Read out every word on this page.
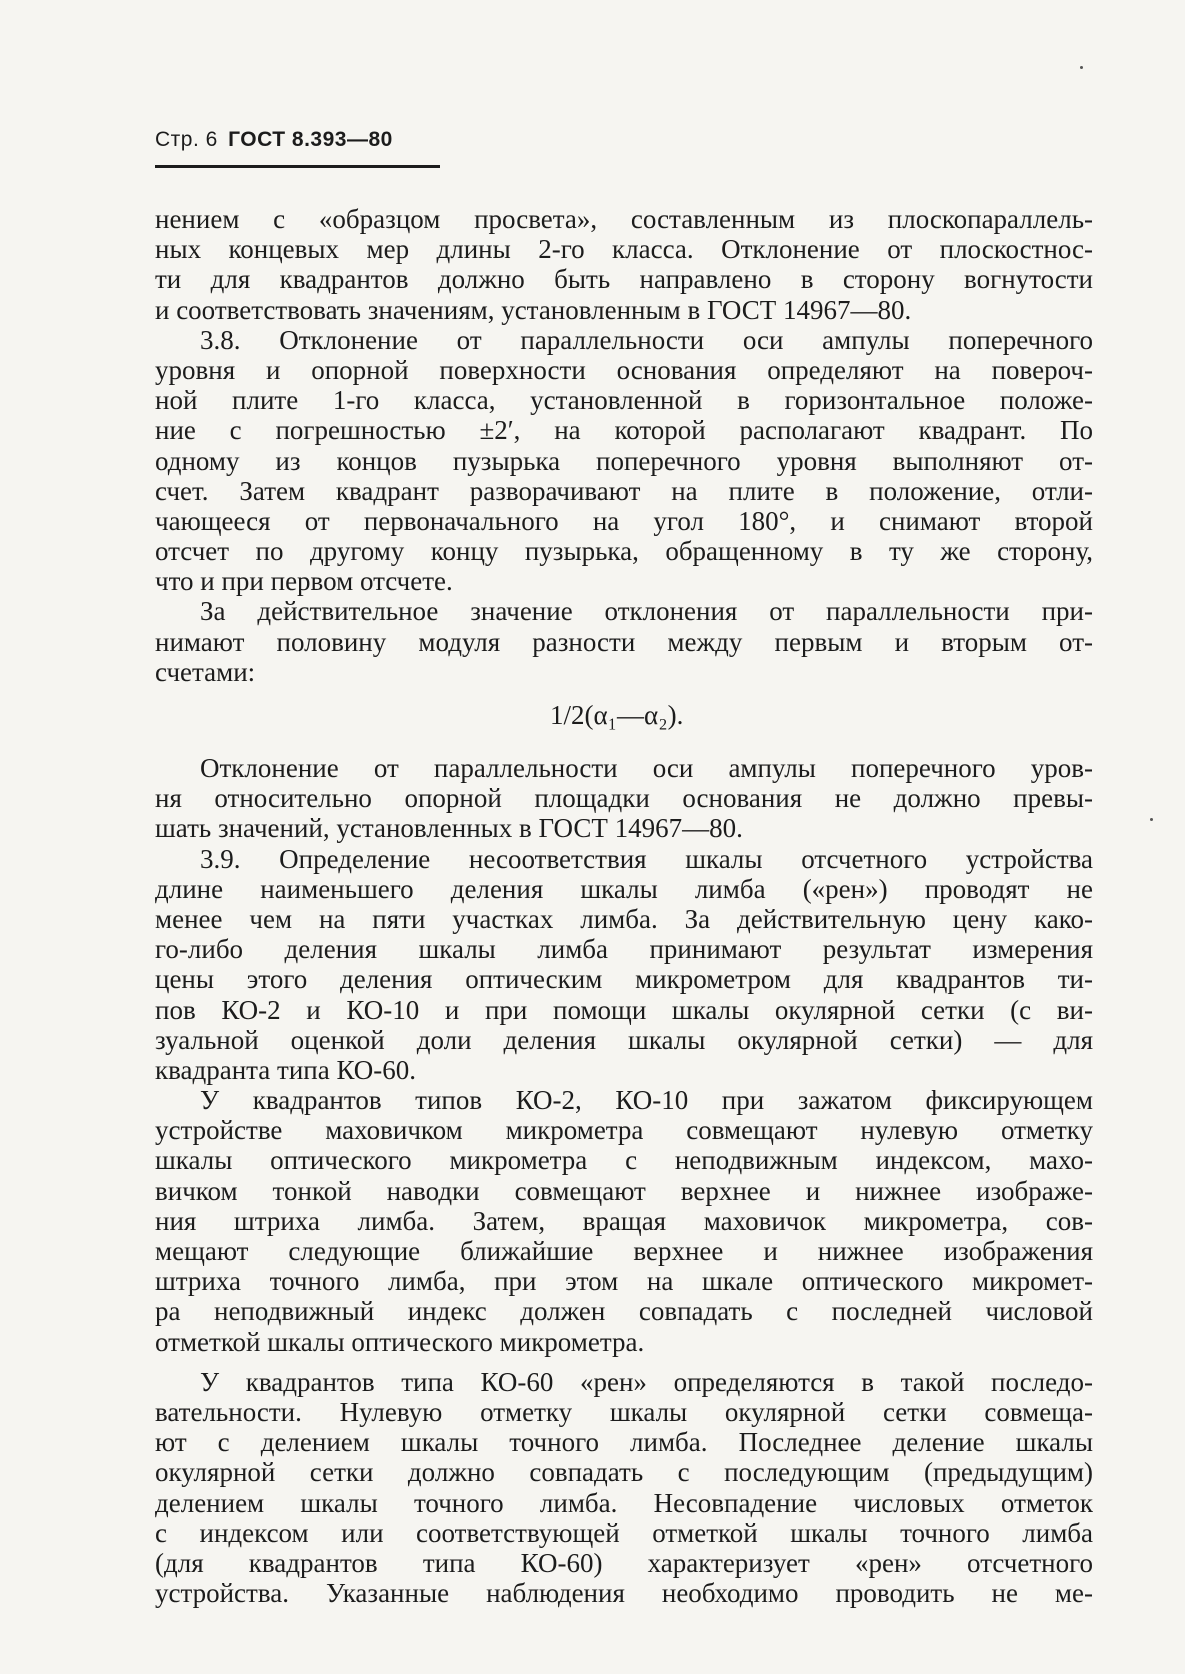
Стр. 6 ГОСТ 8.393—80
нением с «образцом просвета», составленным из плоскопараллель-
ных концевых мер длины 2-го класса. Отклонение от плоскостнос-
ти для квадрантов должно быть направлено в сторону вогнутости
и соответствовать значениям, установленным в ГОСТ 14967—80.
3.8. Отклонение от параллельности оси ампулы поперечного
уровня и опорной поверхности основания определяют на повероч-
ной плите 1-го класса, установленной в горизонтальное положе-
ние с погрешностью ±2′, на которой располагают квадрант. По
одному из концов пузырька поперечного уровня выполняют от-
счет. Затем квадрант разворачивают на плите в положение, отли-
чающееся от первоначального на угол 180°, и снимают второй
отсчет по другому концу пузырька, обращенному в ту же сторону,
что и при первом отсчете.
За действительное значение отклонения от параллельности при-
нимают половину модуля разности между первым и вторым от-
счетами:
1/2(α₁—α₂).
Отклонение от параллельности оси ампулы поперечного уров-
ня относительно опорной площадки основания не должно превы-
шать значений, установленных в ГОСТ 14967—80.
3.9. Определение несоответствия шкалы отсчетного устройства
длине наименьшего деления шкалы лимба («рен») проводят не
менее чем на пяти участках лимба. За действительную цену како-
го-либо деления шкалы лимба принимают результат измерения
цены этого деления оптическим микрометром для квадрантов ти-
пов КО-2 и КО-10 и при помощи шкалы окулярной сетки (с ви-
зуальной оценкой доли деления шкалы окулярной сетки) — для
квадранта типа КО-60.
У квадрантов типов КО-2, КО-10 при зажатом фиксирующем
устройстве маховичком микрометра совмещают нулевую отметку
шкалы оптического микрометра с неподвижным индексом, махо-
вичком тонкой наводки совмещают верхнее и нижнее изображе-
ния штриха лимба. Затем, вращая маховичок микрометра, сов-
мещают следующие ближайшие верхнее и нижнее изображения
штриха точного лимба, при этом на шкале оптического микромет-
ра неподвижный индекс должен совпадать с последней числовой
отметкой шкалы оптического микрометра.
У квадрантов типа КО-60 «рен» определяются в такой последо-
вательности. Нулевую отметку шкалы окулярной сетки совмеща-
ют с делением шкалы точного лимба. Последнее деление шкалы
окулярной сетки должно совпадать с последующим (предыдущим)
делением шкалы точного лимба. Несовпадение числовых отметок
с индексом или соответствующей отметкой шкалы точного лимба
(для квадрантов типа КО-60) характеризует «рен» отсчетного
устройства. Указанные наблюдения необходимо проводить не ме-
